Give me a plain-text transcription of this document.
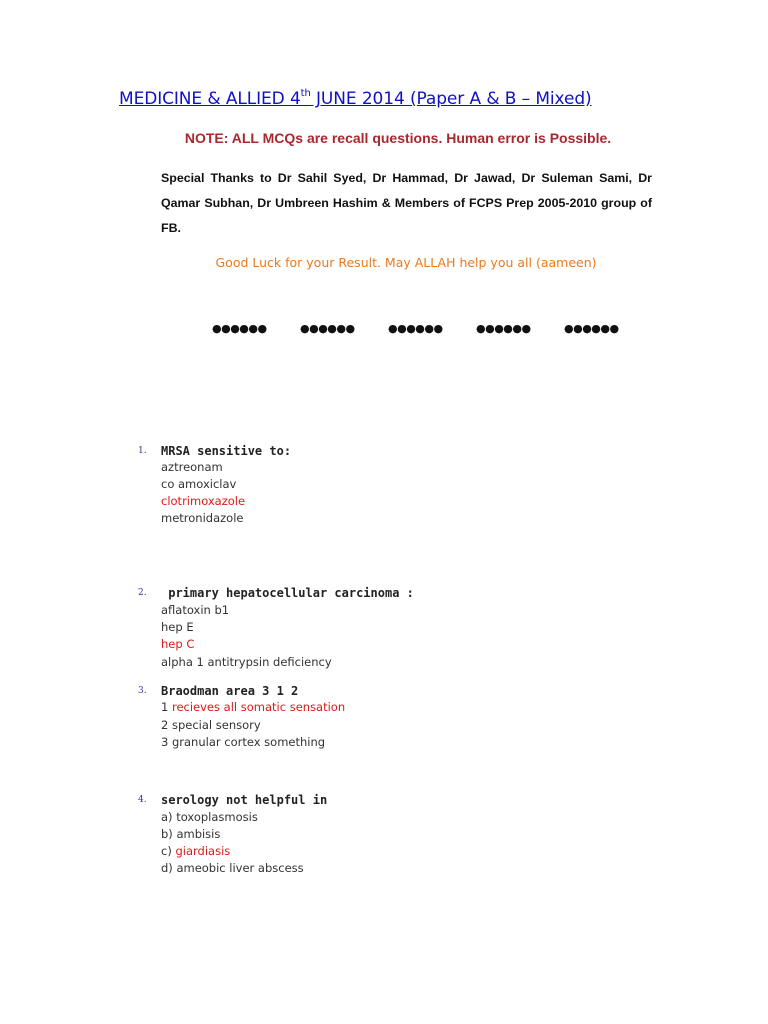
MEDICINE & ALLIED 4th JUNE 2014 (Paper A & B – Mixed)
NOTE: ALL MCQs are recall questions. Human error is Possible.
Special Thanks to Dr Sahil Syed, Dr Hammad, Dr Jawad, Dr Suleman Sami, Dr Qamar Subhan, Dr Umbreen Hashim & Members of FCPS Prep 2005-2010 group of FB.
Good Luck for your Result. May ALLAH help you all (aameen)
●●●●●●	●●●●●●	●●●●●●	●●●●●●	●●●●●●
1. MRSA sensitive to:
aztreonam
co amoxiclav
clotrimoxazole
metronidazole
2. primary hepatocellular carcinoma :
aflatoxin b1
hep E
hep C
alpha 1 antitrypsin deficiency
3. Braodman area 3 1 2
1 recieves all somatic sensation
2 special sensory
3 granular cortex something
4. serology not helpful in
a) toxoplasmosis
b) ambisis
c) giardiasis
d) ameobic liver abscess
